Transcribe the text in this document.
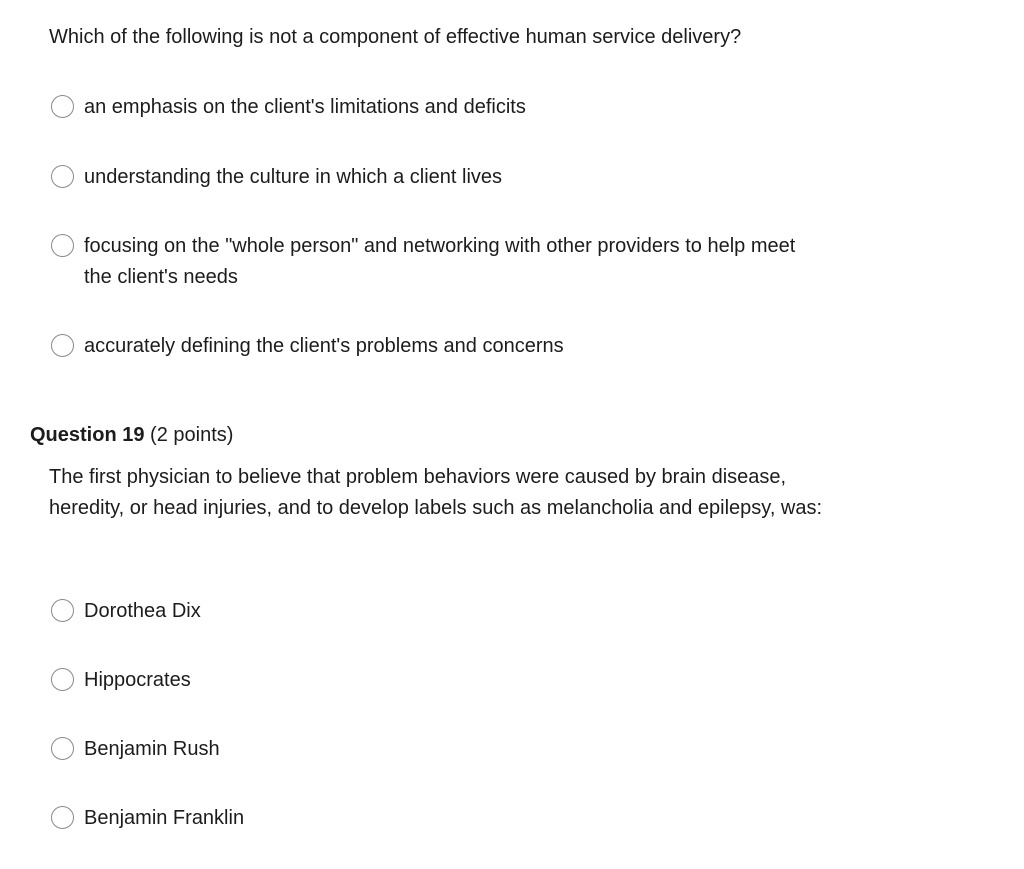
Which of the following is not a component of effective human service delivery?

an emphasis on the client's limitations and deficits
understanding the culture in which a client lives
focusing on the "whole person" and networking with other providers to help meet the client's needs
accurately defining the client's problems and concerns
Question 19 (2 points)

The first physician to believe that problem behaviors were caused by brain disease, heredity, or head injuries, and to develop labels such as melancholia and epilepsy, was:

Dorothea Dix
Hippocrates
Benjamin Rush
Benjamin Franklin
